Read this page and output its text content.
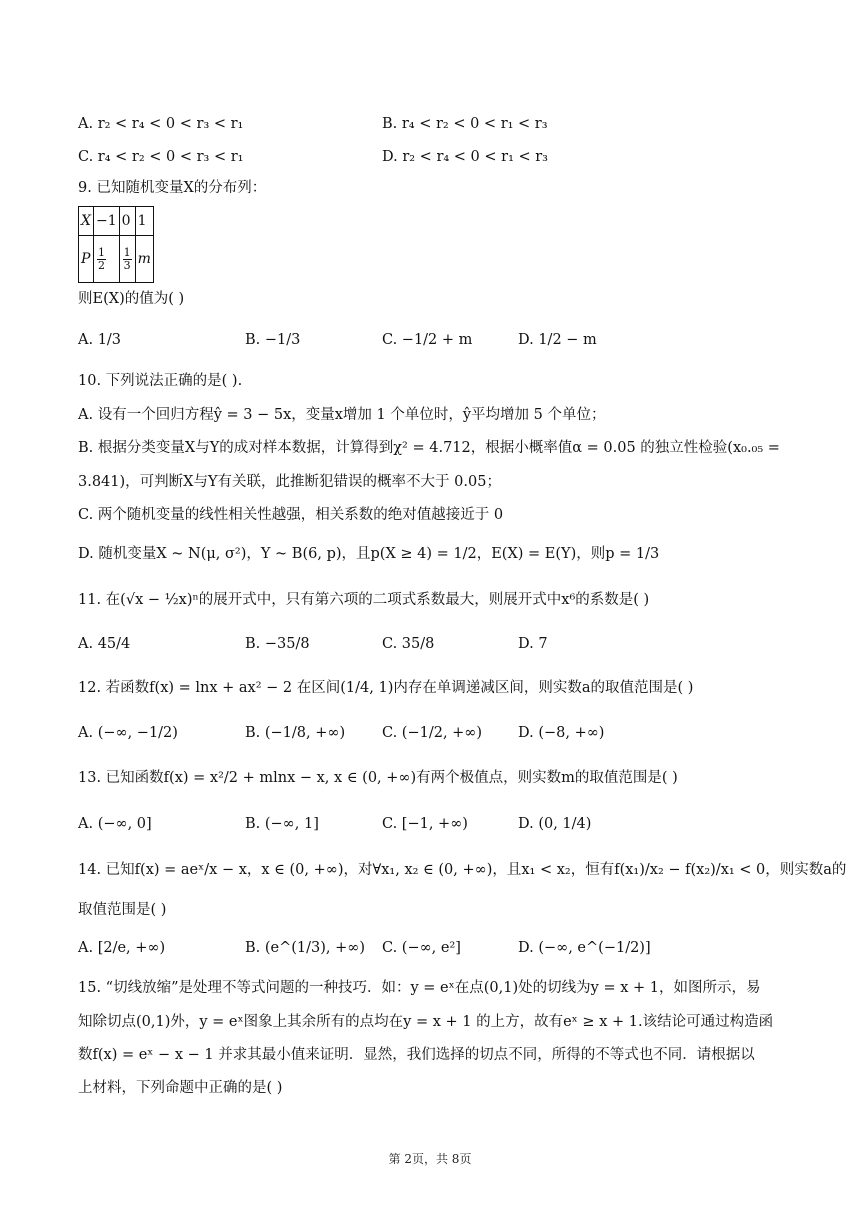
A. r₂ < r₄ < 0 < r₃ < r₁	B. r₄ < r₂ < 0 < r₁ < r₃
C. r₄ < r₂ < 0 < r₃ < r₁	D. r₂ < r₄ < 0 < r₁ < r₃
9. 已知随机变量X的分布列：
X	−1	0	1
P	$\frac{1}{2}$	$\frac{1}{3}$	m
则E(X)的值为( )
A. 1/3	B. −1/3	C. −1/2 + m	D. 1/2 − m
10. 下列说法正确的是( ).
A. 设有一个回归方程ŷ = 3 − 5x，变量x增加 1 个单位时，ŷ平均增加 5 个单位；
B. 根据分类变量X与Y的成对样本数据，计算得到χ² = 4.712，根据小概率值α = 0.05 的独立性检验(x₀.₀₅ =
3.841)，可判断X与Y有关联，此推断犯错误的概率不大于 0.05；
C. 两个随机变量的线性相关性越强，相关系数的绝对值越接近于 0
D. 随机变量X ~ N(μ, σ²)，Y ~ B(6, p)，且p(X ≥ 4) = 1/2，E(X) = E(Y)，则p = 1/3
11. 在(√x − ½x)ⁿ的展开式中，只有第六项的二项式系数最大，则展开式中x⁶的系数是( )
A. 45/4	B. −35/8	C. 35/8	D. 7
12. 若函数f(x) = lnx + ax² − 2 在区间(1/4, 1)内存在单调递减区间，则实数a的取值范围是( )
A. (−∞, −1/2)	B. (−1/8, +∞)	C. (−1/2, +∞) D. (−8, +∞)
13. 已知函数f(x) = x²/2 + mlnx − x, x ∈ (0, +∞)有两个极值点，则实数m的取值范围是( )
A. (−∞, 0]	B. (−∞, 1]	C. [−1, +∞)	D. (0, 1/4)
14. 已知f(x) = aeˣ/x − x，x ∈ (0, +∞)，对∀x₁, x₂ ∈ (0, +∞)，且x₁ < x₂，恒有f(x₁)/x₂ − f(x₂)/x₁ < 0，则实数a的
取值范围是( )
A. [2/e, +∞)	B. (e^(1/3), +∞) C. (−∞, e²]	D. (−∞, e^(−1/2)]
15. “切线放缩”是处理不等式问题的一种技巧．如：y = eˣ在点(0,1)处的切线为y = x + 1，如图所示，易
知除切点(0,1)外，y = eˣ图象上其余所有的点均在y = x + 1 的上方，故有eˣ ≥ x + 1.该结论可通过构造函
数f(x) = eˣ − x − 1 并求其最小值来证明．显然，我们选择的切点不同，所得的不等式也不同．请根据以
上材料，下列命题中正确的是( )
第 2页，共 8页
